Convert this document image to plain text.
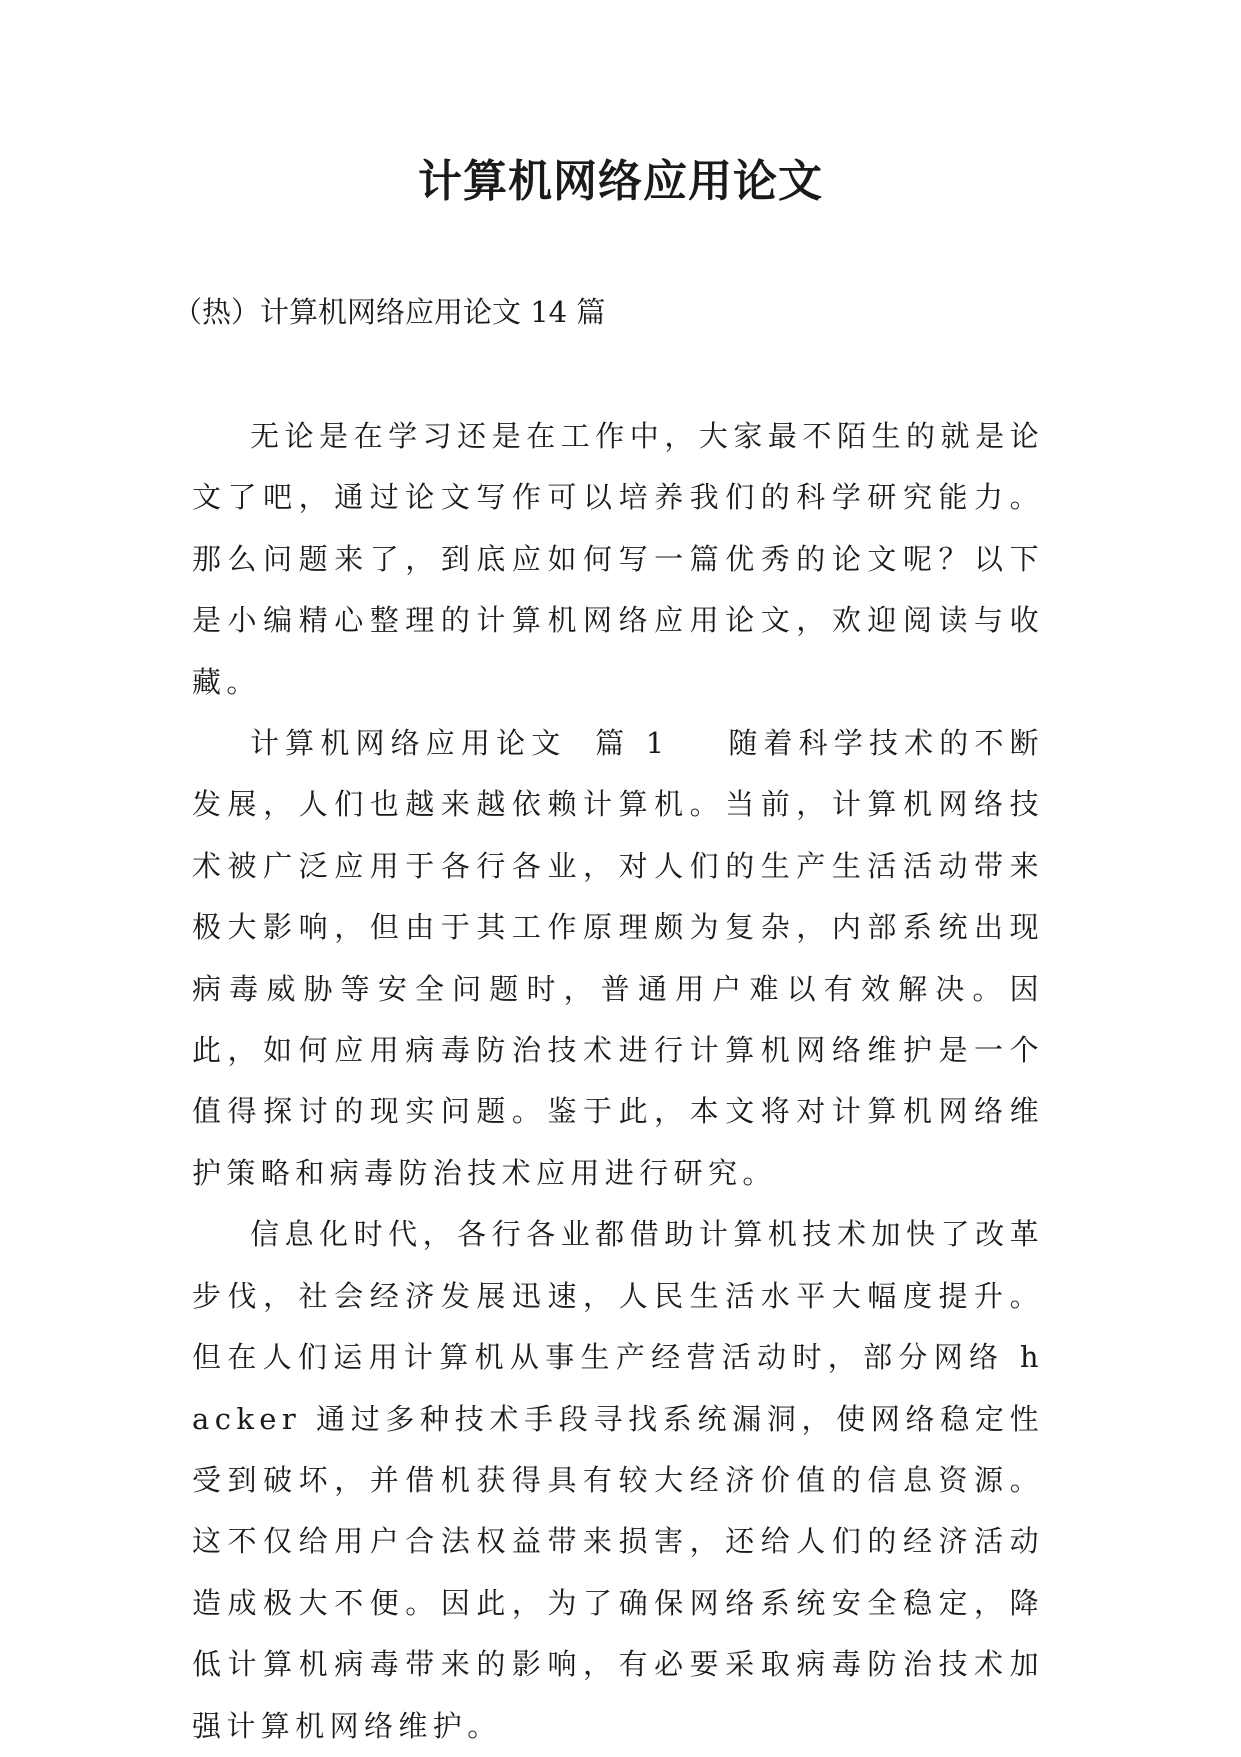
计算机网络应用论文

（热）计算机网络应用论文 14 篇

无论是在学习还是在工作中，大家最不陌生的就是论文了吧，通过论文写作可以培养我们的科学研究能力。那么问题来了，到底应如何写一篇优秀的论文呢？以下是小编精心整理的计算机网络应用论文，欢迎阅读与收藏。

计算机网络应用论文 篇 1 随着科学技术的不断发展，人们也越来越依赖计算机。当前，计算机网络技术被广泛应用于各行各业，对人们的生产生活活动带来极大影响，但由于其工作原理颇为复杂，内部系统出现病毒威胁等安全问题时，普通用户难以有效解决。因此，如何应用病毒防治技术进行计算机网络维护是一个值得探讨的现实问题。鉴于此，本文将对计算机网络维护策略和病毒防治技术应用进行研究。

信息化时代，各行各业都借助计算机技术加快了改革步伐，社会经济发展迅速，人民生活水平大幅度提升。但在人们运用计算机从事生产经营活动时，部分网络 hacker 通过多种技术手段寻找系统漏洞，使网络稳定性受到破坏，并借机获得具有较大经济价值的信息资源。这不仅给用户合法权益带来损害，还给人们的经济活动造成极大不便。因此，为了确保网络系统安全稳定，降低计算机病毒带来的影响，有必要采取病毒防治技术加强计算机网络维护。
